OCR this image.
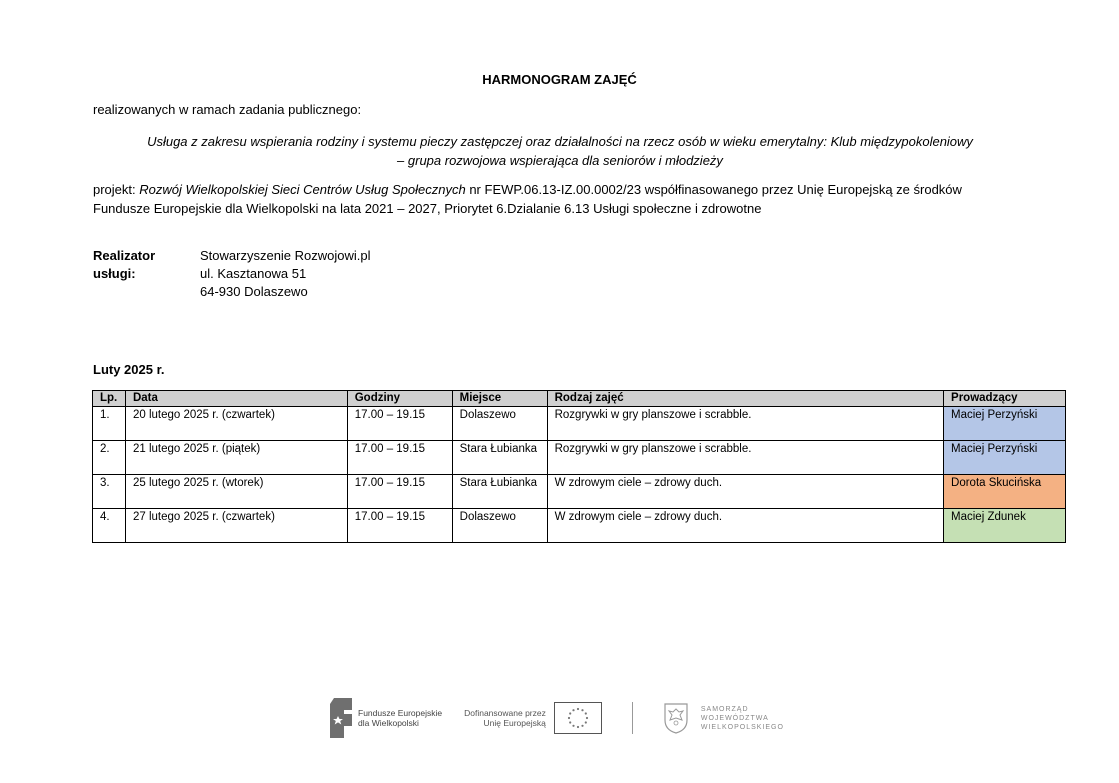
HARMONOGRAM ZAJĘĆ
realizowanych w ramach zadania publicznego:
Usługa z zakresu wspierania rodziny i systemu pieczy zastępczej oraz działalności na rzecz osób w wieku emerytalny: Klub międzypokoleniowy
– grupa rozwojowa wspierająca dla seniorów i młodzieży
projekt: Rozwój Wielkopolskiej Sieci Centrów Usług Społecznych nr FEWP.06.13-IZ.00.0002/23 współfinasowanego przez Unię Europejską ze środków
Fundusze Europejskie dla Wielkopolski na lata 2021 – 2027, Priorytet 6.Dzialanie 6.13 Usługi społeczne i zdrowotne
Realizator usługi:
Stowarzyszenie Rozwojowi.pl
ul. Kasztanowa 51
64-930 Dolaszewo
Luty 2025 r.
Lp.	Data	Godziny	Miejsce	Rodzaj zajęć	Prowadzący
1.	20 lutego 2025 r. (czwartek)	17.00 – 19.15	Dolaszewo	Rozgrywki w gry planszowe i scrabble.	Maciej Perzyński
2.	21 lutego 2025 r. (piątek)	17.00 – 19.15	Stara Łubianka	Rozgrywki w gry planszowe i scrabble.	Maciej Perzyński
3.	25 lutego 2025 r. (wtorek)	17.00 – 19.15	Stara Łubianka	W zdrowym ciele – zdrowy duch.	Dorota Skucińska
4.	27 lutego 2025 r. (czwartek)	17.00 – 19.15	Dolaszewo	W zdrowym ciele – zdrowy duch.	Maciej Zdunek
Fundusze Europejskie
dla Wielkopolski
Dofinansowane przez
Unię Europejską
SAMORZĄD
WOJEWÓDZTWA
WIELKOPOLSKIEGO
